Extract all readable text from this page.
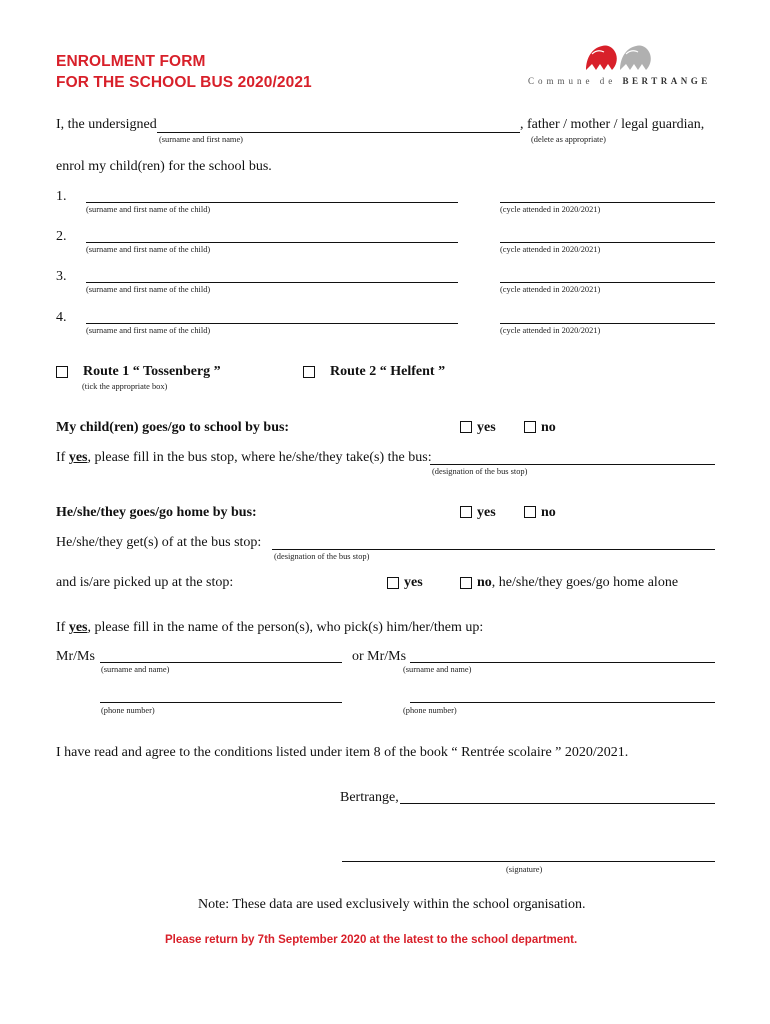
ENROLMENT FORM
FOR THE SCHOOL BUS 2020/2021	Commune de BERTRANGE
I, the undersigned	, father / mother / legal guardian,
(surname and first name)	(delete as appropriate)
enrol my child(ren) for the school bus.
1.
(surname and first name of the child)	(cycle attended in 2020/2021)
2.
(surname and first name of the child)	(cycle attended in 2020/2021)
3.
(surname and first name of the child)	(cycle attended in 2020/2021)
4.
(surname and first name of the child)	(cycle attended in 2020/2021)
Route 1 “ Tossenberg ”	Route 2 “ Helfent ”
(tick the appropriate box)
My child(ren) goes/go to school by bus:	yes	no
If yes, please fill in the bus stop, where he/she/they take(s) the bus:
(designation of the bus stop)
He/she/they goes/go home by bus:	yes	no
He/she/they get(s) of at the bus stop:
(designation of the bus stop)
and is/are picked up at the stop:	yes	no, he/she/they goes/go home alone
If yes, please fill in the name of the person(s), who pick(s) him/her/them up:
Mr/Ms	or Mr/Ms
(surname and name)	(surname and name)
(phone number)	(phone number)
I have read and agree to the conditions listed under item 8 of the book “ Rentrée scolaire ” 2020/2021.
Bertrange,
(signature)
Note: These data are used exclusively within the school organisation.
Please return by 7th September 2020 at the latest to the school department.
